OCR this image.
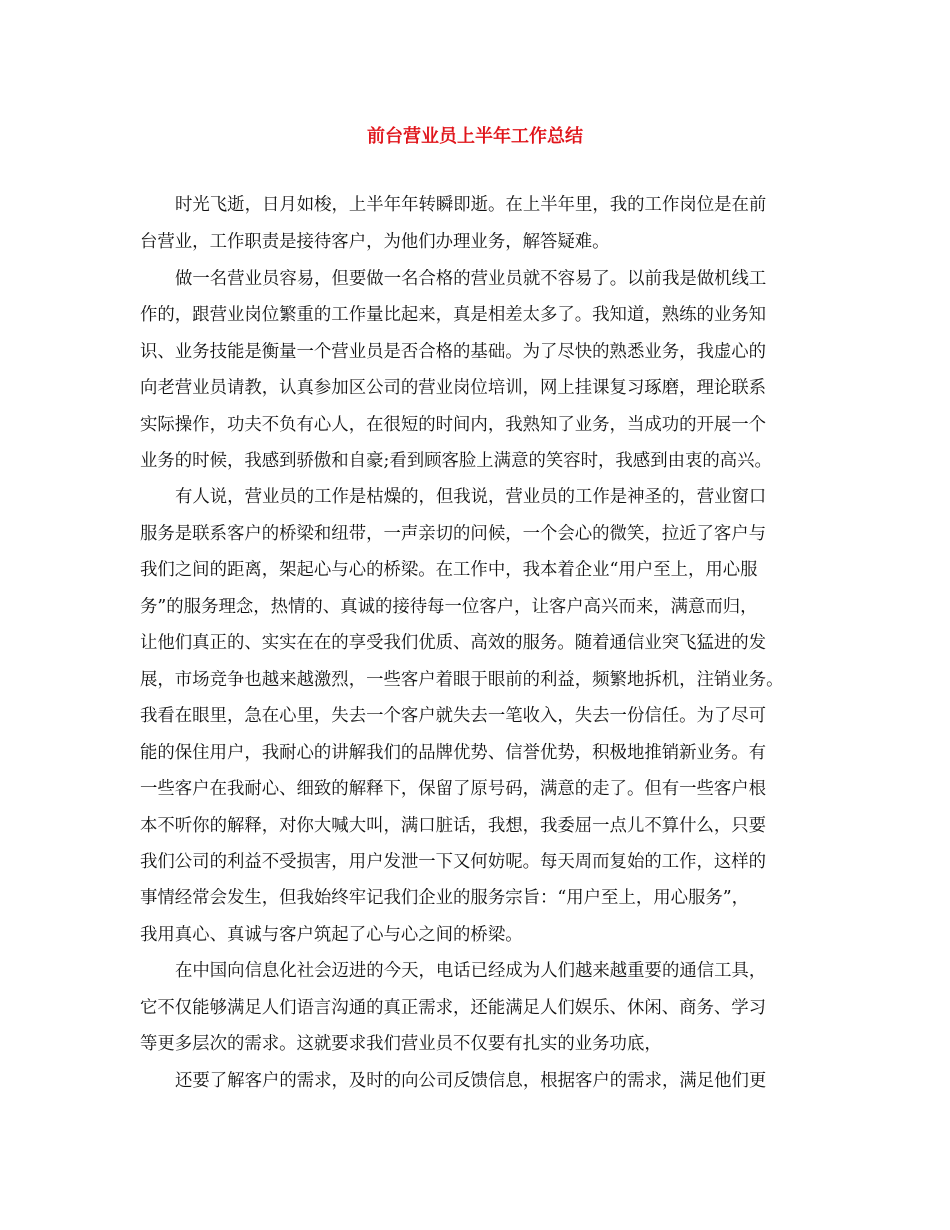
前台营业员上半年工作总结
时光飞逝，日月如梭，上半年年转瞬即逝。在上半年里，我的工作岗位是在前
台营业，工作职责是接待客户，为他们办理业务，解答疑难。
做一名营业员容易，但要做一名合格的营业员就不容易了。以前我是做机线工
作的，跟营业岗位繁重的工作量比起来，真是相差太多了。我知道，熟练的业务知
识、业务技能是衡量一个营业员是否合格的基础。为了尽快的熟悉业务，我虚心的
向老营业员请教，认真参加区公司的营业岗位培训，网上挂课复习琢磨，理论联系
实际操作，功夫不负有心人，在很短的时间内，我熟知了业务，当成功的开展一个
业务的时候，我感到骄傲和自豪;看到顾客脸上满意的笑容时，我感到由衷的高兴。
有人说，营业员的工作是枯燥的，但我说，营业员的工作是神圣的，营业窗口
服务是联系客户的桥梁和纽带，一声亲切的问候，一个会心的微笑，拉近了客户与
我们之间的距离，架起心与心的桥梁。在工作中，我本着企业“用户至上，用心服
务”的服务理念，热情的、真诚的接待每一位客户，让客户高兴而来，满意而归，
让他们真正的、实实在在的享受我们优质、高效的服务。随着通信业突飞猛进的发
展，市场竞争也越来越激烈，一些客户着眼于眼前的利益，频繁地拆机，注销业务。
我看在眼里，急在心里，失去一个客户就失去一笔收入，失去一份信任。为了尽可
能的保住用户，我耐心的讲解我们的品牌优势、信誉优势，积极地推销新业务。有
一些客户在我耐心、细致的解释下，保留了原号码，满意的走了。但有一些客户根
本不听你的解释，对你大喊大叫，满口脏话，我想，我委屈一点儿不算什么，只要
我们公司的利益不受损害，用户发泄一下又何妨呢。每天周而复始的工作，这样的
事情经常会发生，但我始终牢记我们企业的服务宗旨：“用户至上，用心服务”，
我用真心、真诚与客户筑起了心与心之间的桥梁。
在中国向信息化社会迈进的今天，电话已经成为人们越来越重要的通信工具，
它不仅能够满足人们语言沟通的真正需求，还能满足人们娱乐、休闲、商务、学习
等更多层次的需求。这就要求我们营业员不仅要有扎实的业务功底，
还要了解客户的需求，及时的向公司反馈信息，根据客户的需求，满足他们更
